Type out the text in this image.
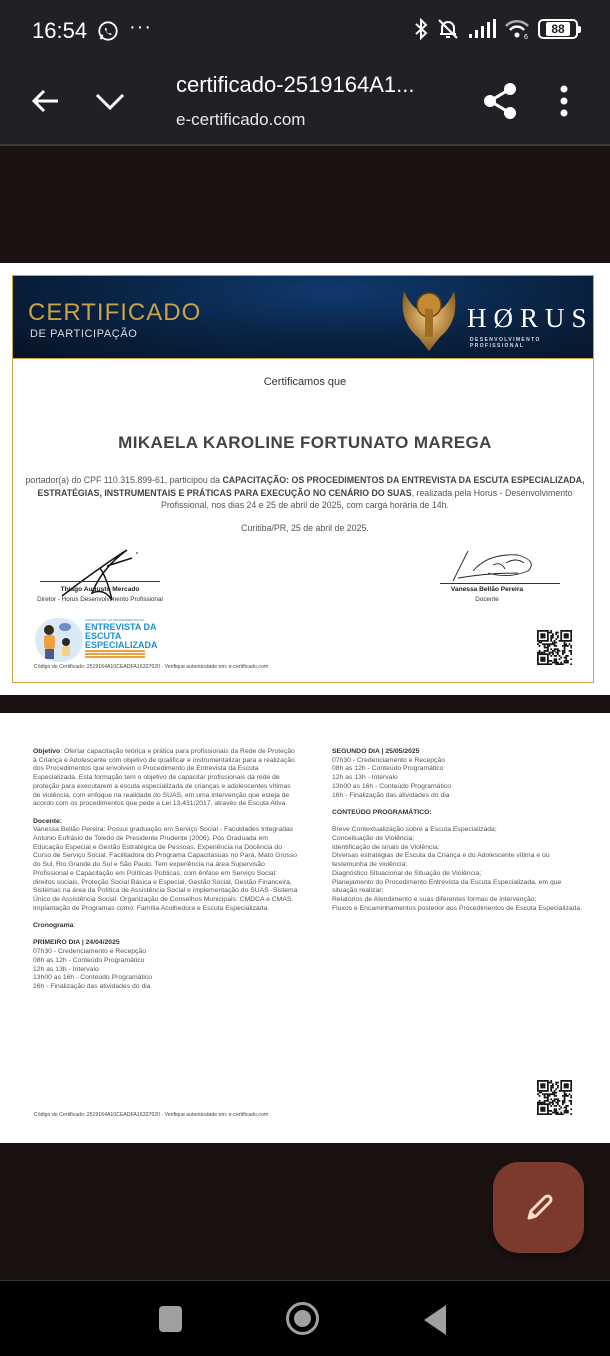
16:54 ···	6
88
certificado-2519164A1...
e-certificado.com
CERTIFICADO
DE PARTICIPAÇÃO
HØRUS
DESENVOLVIMENTO PROFISSIONAL
Certificamos que
MIKAELA KAROLINE FORTUNATO MAREGA
portador(a) do CPF 110.315.899-61, participou da CAPACITAÇÃO: OS PROCEDIMENTOS DA ENTREVISTA DA ESCUTA ESPECIALIZADA, ESTRATÉGIAS, INSTRUMENTAIS E PRÁTICAS PARA EXECUÇÃO NO CENÁRIO DO SUAS, realizada pela Horus - Desenvolvimento Profissional, nos dias 24 e 25 de abril de 2025, com carga horária de 14h.
Curitiba/PR, 25 de abril de 2025.
Thiago Augusto Mercado
Diretor - Horus Desenvolvimento Profissional
Vanessa Bellão Pereira
Docente
CAPACITAÇÃO: OS PROCEDIMENTOS DA
ENTREVISTA DA
ESCUTA
ESPECIALIZADA
Código do Certificado: 2519164A10CEADFA16337620 · Verifique autenticidade em: e-certificado.com
Objetivo: Ofertar capacitação teórica e prática para profissionais da Rede de Proteção à Criança e Adolescente com objetivo de qualificar e instrumentalizar para a realização dos Procedimentos que envolvem o Procedimento de Entrevista da Escuta Especializada. Esta formação tem o objetivo de capacitar profissionais da rede de proteção para executarem a escuta especializada de crianças e adolescentes vítimas de violência, com enfoque na realidade do SUAS, em uma intervenção que esteja de acordo com os procedimentos que pede a Lei 13.431/2017, através de Escuta Ativa.
Docente:
Vanessa Bellão Pereira: Possui graduação em Serviço Social - Faculdades Integradas Antonio Eufrásio de Toledo de Presidente Prudente (2006). Pós Graduada em Educação Especial e Gestão Estratégica de Pessoas. Experiência na Docência do Curso de Serviço Social. Facilitadora do Programa Capacitasuas no Pará, Mato Grosso do Sul, Rio Grande do Sul e São Paulo. Tem experiência na área Supervisão Profissional e Capacitação em Políticas Públicas, com ênfase em Serviço Social: direitos sociais, Proteção Social Básica e Especial, Gestão Social, Gestão Financeira, Sistemas na área da Política de Assistência Social e implementação do SUAS -Sistema Único de Assistência Social. Organização de Conselhos Municipais: CMDCA e CMAS. Implantação de Programas como: Família Acolhedora e Escuta Especializada.
Cronograma:
PRIMEIRO DIA | 24/04/2025
07h30 - Credenciamento e Recepção
08h as 12h - Conteúdo Programático
12h as 13h - Intervalo
13h00 as 16h - Conteúdo Programático
16h - Finalização das atividades do dia
SEGUNDO DIA | 25/05/2025
07h30 - Credenciamento e Recepção
08h as 12h - Conteúdo Programático
12h as 13h - Intervalo
13h00 as 16h - Conteúdo Programático
16h - Finalização das atividades do dia
CONTEÚDO PROGRAMÁTICO:
Breve Contextualização sobre a Escuta Especializada;
Conceituação de Violência;
Identificação de sinais de Violência;
Diversas estratégias de Escuta da Criança e do Adolescente vítima e ou testemunha de violência;
Diagnóstico Situacional de Situação de Violência;
Planejamento do Procedimento Entrevista da Escuta Especializada, em que situação realizar;
Relatórios de Atendimento e suas diferentes formas de intervenção;
Fluxos e Encaminhamentos posterior aos Procedimentos de Escuta Especializada.
Código do Certificado: 2519164A10CEADFA16337620 · Verifique autenticidade em: e-certificado.com
